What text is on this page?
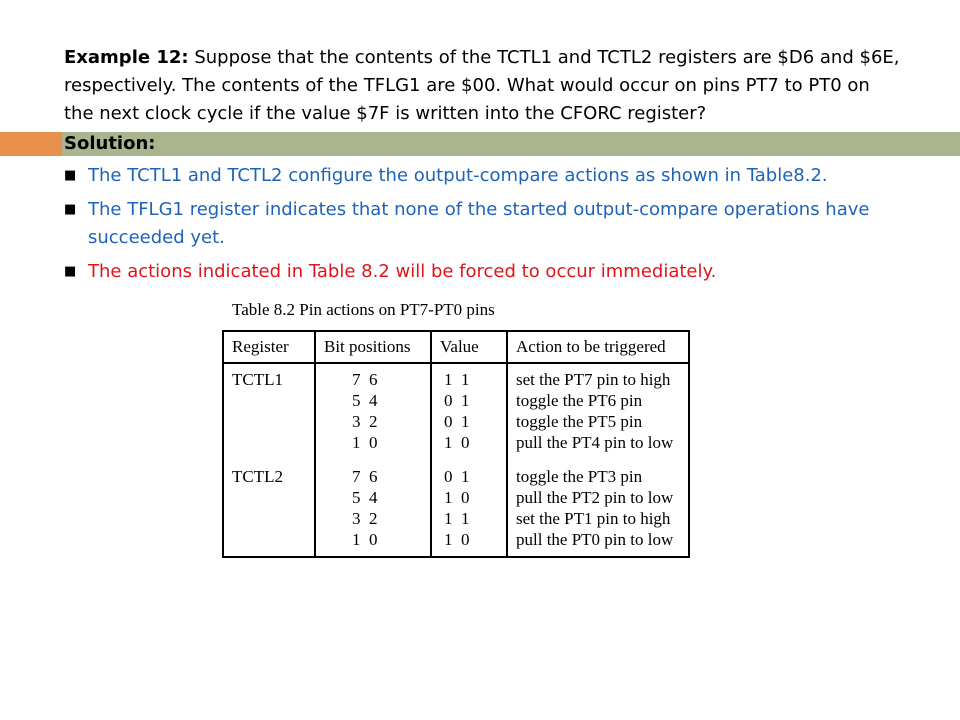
Example 12: Suppose that the contents of the TCTL1 and TCTL2 registers are $D6 and $6E, respectively. The contents of the TFLG1 are $00. What would occur on pins PT7 to PT0 on the next clock cycle if the value $7F is written into the CFORC register?

Solution:

■ The TCTL1 and TCTL2 configure the output-compare actions as shown in Table8.2.
■ The TFLG1 register indicates that none of the started output-compare operations have succeeded yet.
■ The actions indicated in Table 8.2 will be forced to occur immediately.
Table 8.2 Pin actions on PT7-PT0 pins
Register	Bit positions	Value	Action to be triggered
TCTL1	7  6	1  1	set the PT7 pin to high
	5  4	0  1	toggle the PT6 pin
	3  2	0  1	toggle the PT5 pin
	1  0	1  0	pull the PT4 pin to low

TCTL2	7  6	0  1	toggle the PT3 pin
	5  4	1  0	pull the PT2 pin to low
	3  2	1  1	set the PT1 pin to high
	1  0	1  0	pull the PT0 pin to low
